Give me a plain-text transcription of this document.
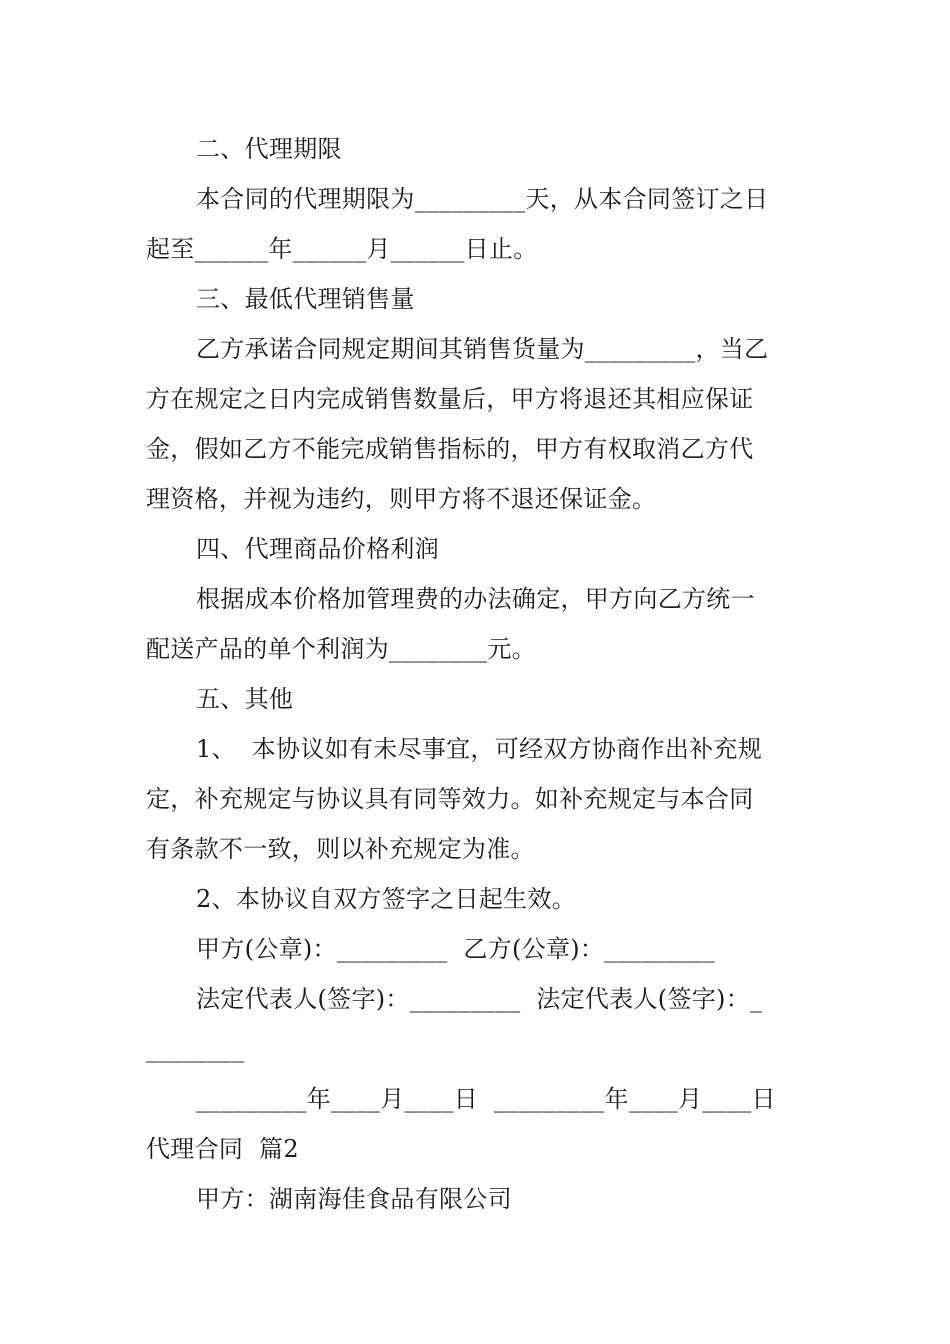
二、代理期限
本合同的代理期限为_________天，从本合同签订之日
起至______年______月______日止。
三、最低代理销售量
乙方承诺合同规定期间其销售货量为_________，当乙
方在规定之日内完成销售数量后，甲方将退还其相应保证
金，假如乙方不能完成销售指标的，甲方有权取消乙方代
理资格，并视为违约，则甲方将不退还保证金。
四、代理商品价格利润
根据成本价格加管理费的办法确定，甲方向乙方统一
配送产品的单个利润为________元。
五、其他
1、  本协议如有未尽事宜，可经双方协商作出补充规
定，补充规定与协议具有同等效力。如补充规定与本合同
有条款不一致，则以补充规定为准。
2、本协议自双方签字之日起生效。
甲方(公章)：_________  乙方(公章)：_________
法定代表人(签字)：_________  法定代表人(签字)：_
________
_________年____月____日  _________年____月____日
代理合同  篇2
甲方：湖南海佳食品有限公司
